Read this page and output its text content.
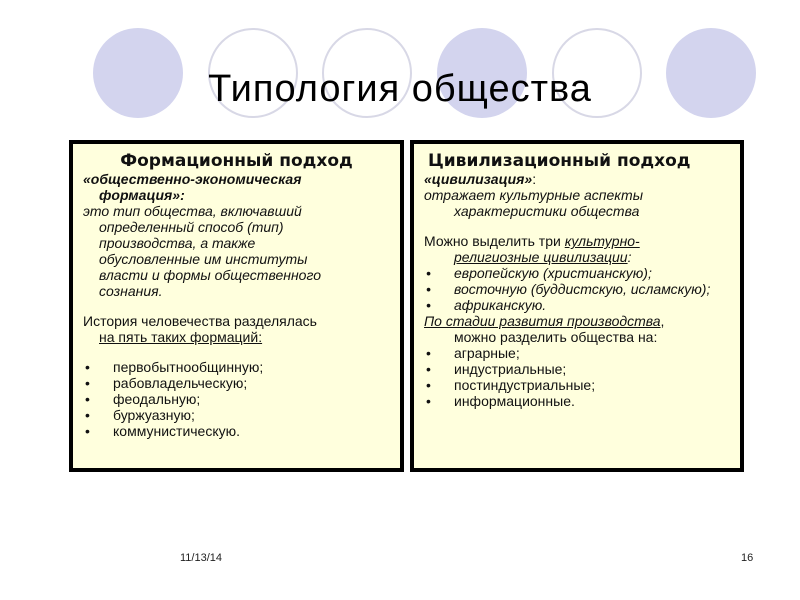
Типология общества
Формационный подход
«общественно-экономическая
формация»:
это тип общества, включавший
определенный способ (тип)
производства, а также
обусловленные им институты
власти и формы общественного
сознания.
История человечества разделялась
на пять таких формаций:
• первобытнообщинную;
• рабовладельческую;
• феодальную;
• буржуазную;
• коммунистическую.
Цивилизационный подход
«цивилизация»:
отражает культурные аспекты
характеристики общества
Можно выделить три культурно-
религиозные цивилизации:
• европейскую (христианскую);
• восточную (буддистскую, исламскую);
• африканскую.
По стадии развития производства,
можно разделить общества на:
• аграрные;
• индустриальные;
• постиндустриальные;
• информационные.
11/13/14	16
